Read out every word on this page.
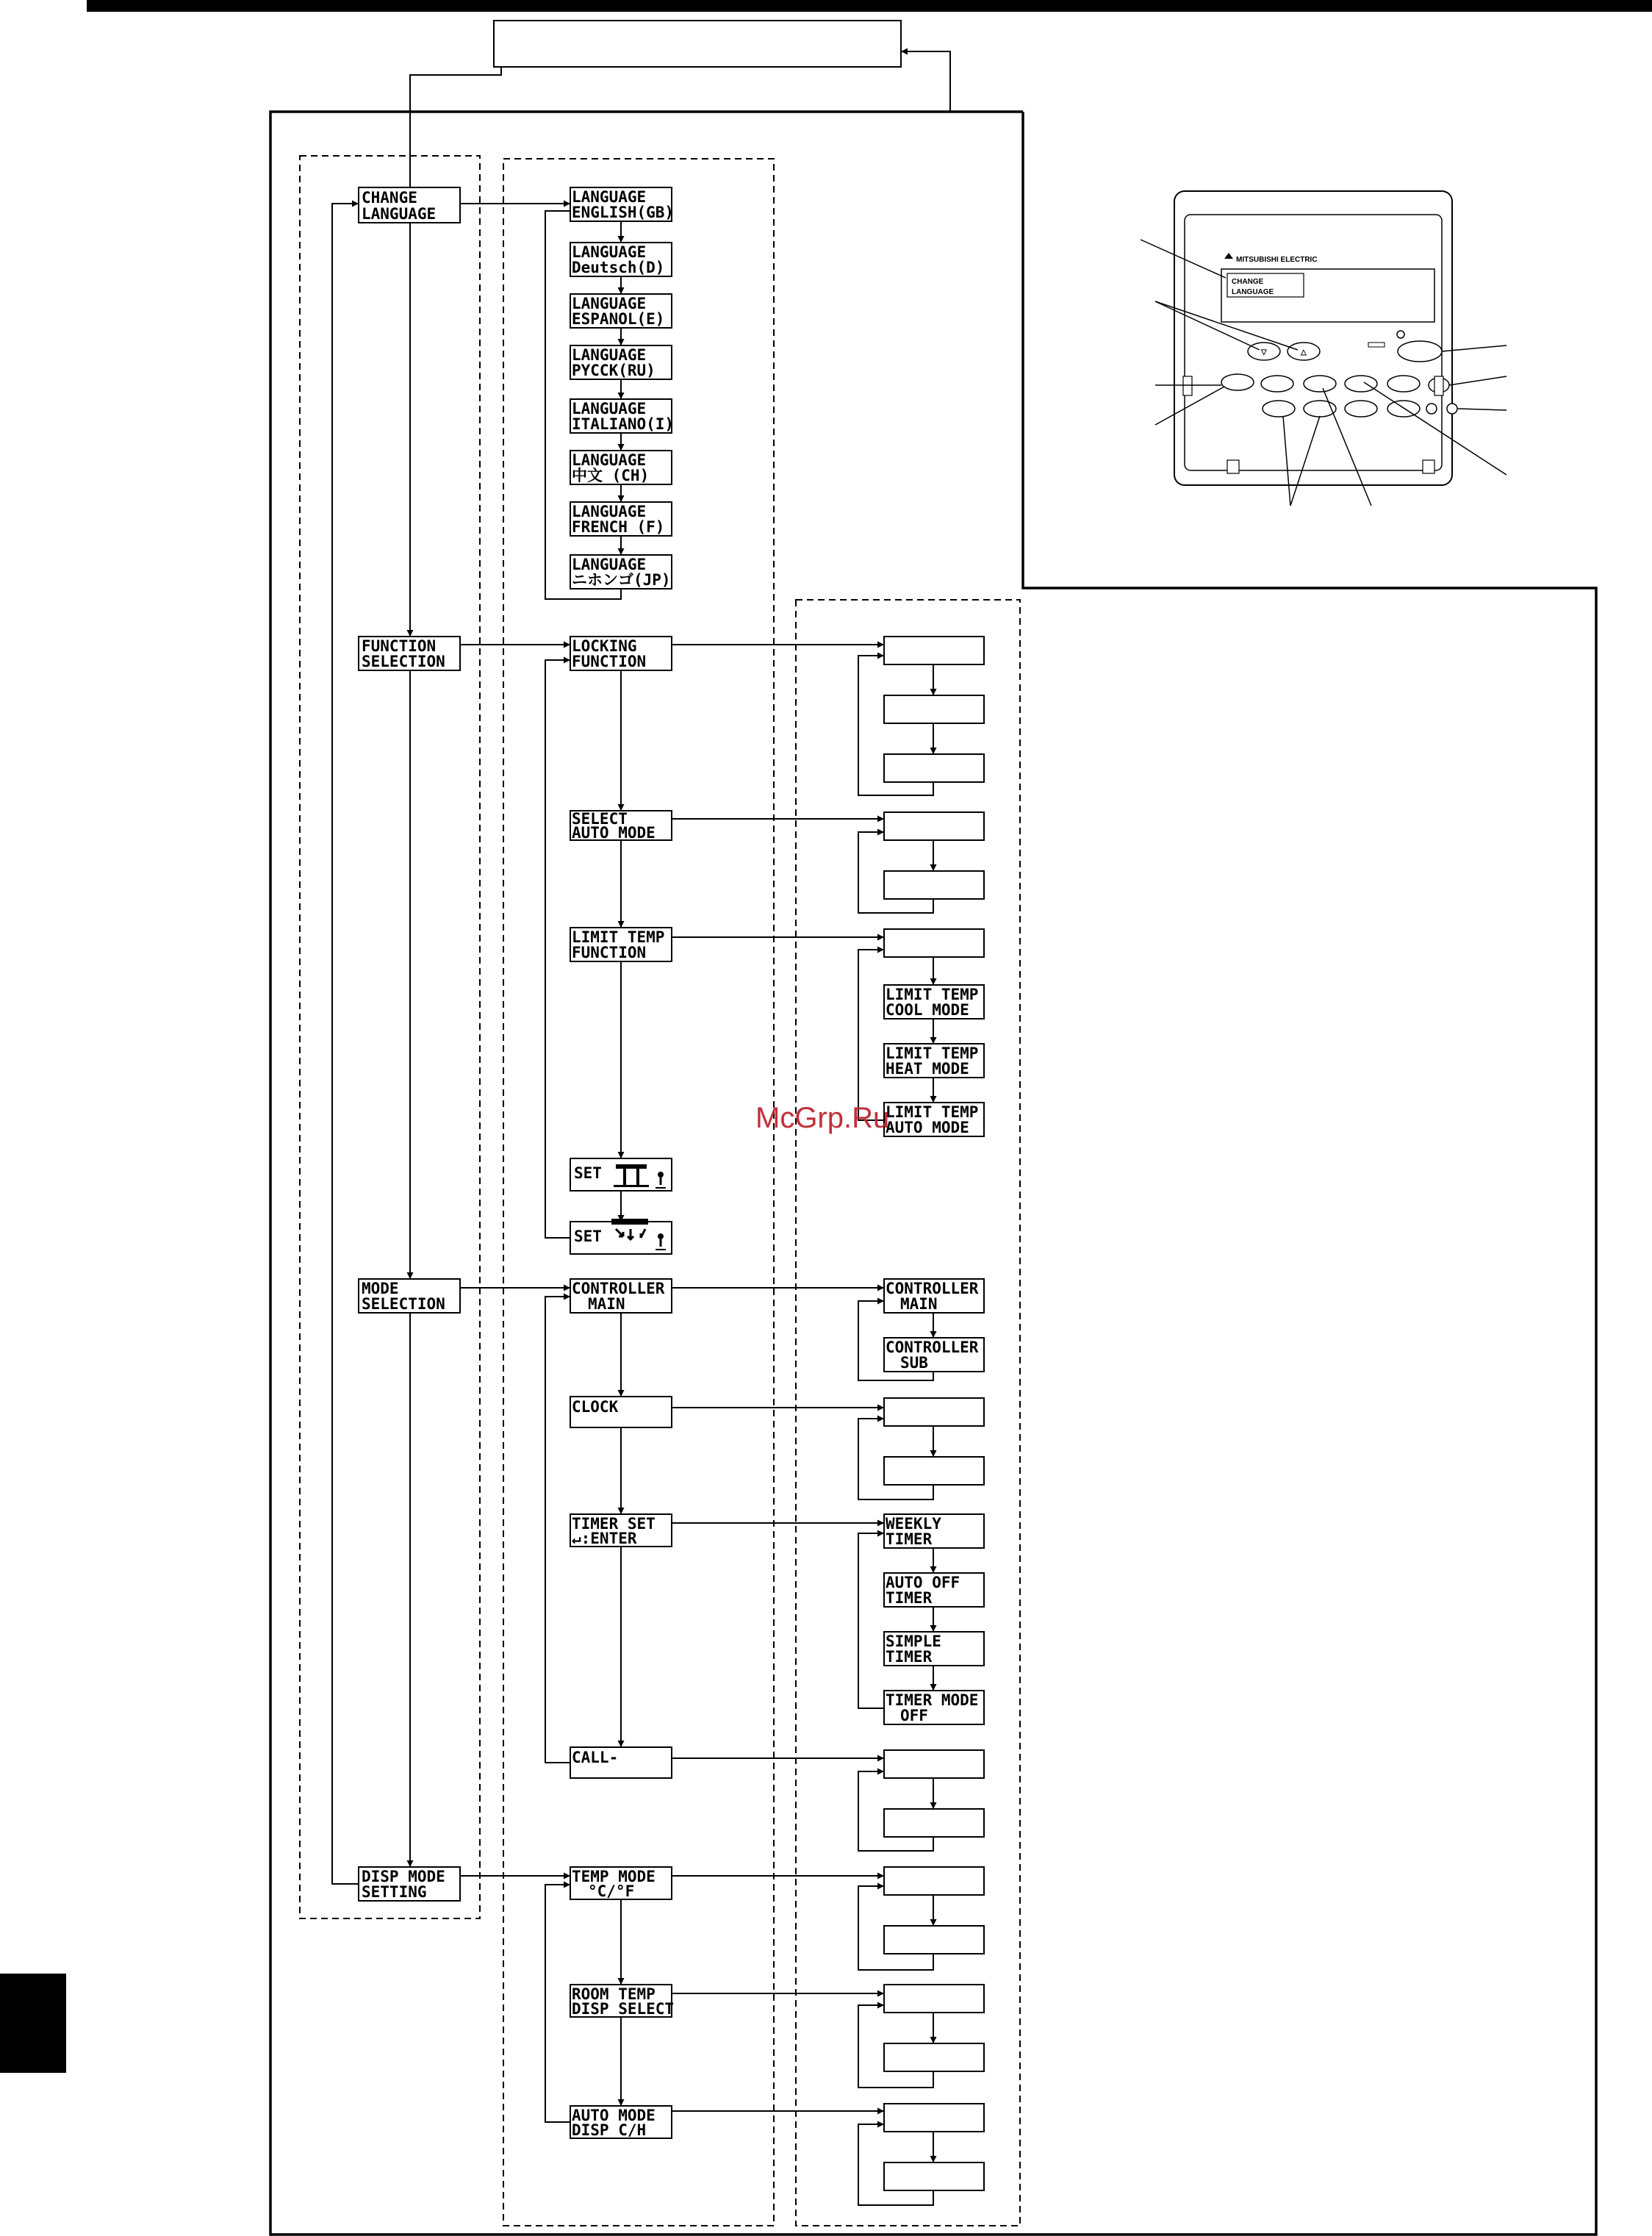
CHANGE
LANGUAGE
FUNCTION
SELECTION
MODE
SELECTION
DISP MODE
SETTING
LANGUAGE
ENGLISH(GB)
LANGUAGE
Deutsch(D)
LANGUAGE
ESPANOL(E)
LANGUAGE
PYCCK(RU)
LANGUAGE
ITALIANO(I)
LANGUAGE
中文 (CH)
LANGUAGE
FRENCH (F)
LANGUAGE
ニホンゴ(JP)
LOCKING
FUNCTION
SELECT
AUTO MODE
LIMIT TEMP
FUNCTION
SET
SET
CONTROLLER
MAIN
CLOCK
TIMER SET
↵:ENTER
CALL-
TEMP MODE
°C/°F
ROOM TEMP
DISP SELECT
AUTO MODE
DISP C/H
LIMIT TEMP
COOL MODE
LIMIT TEMP
HEAT MODE
LIMIT TEMP
AUTO MODE
CONTROLLER
MAIN
CONTROLLER
SUB
WEEKLY
TIMER
AUTO OFF
TIMER
SIMPLE
TIMER
TIMER MODE
OFF
MITSUBISHI ELECTRIC
CHANGE
LANGUAGE
▽	△
McGrp.Ru
